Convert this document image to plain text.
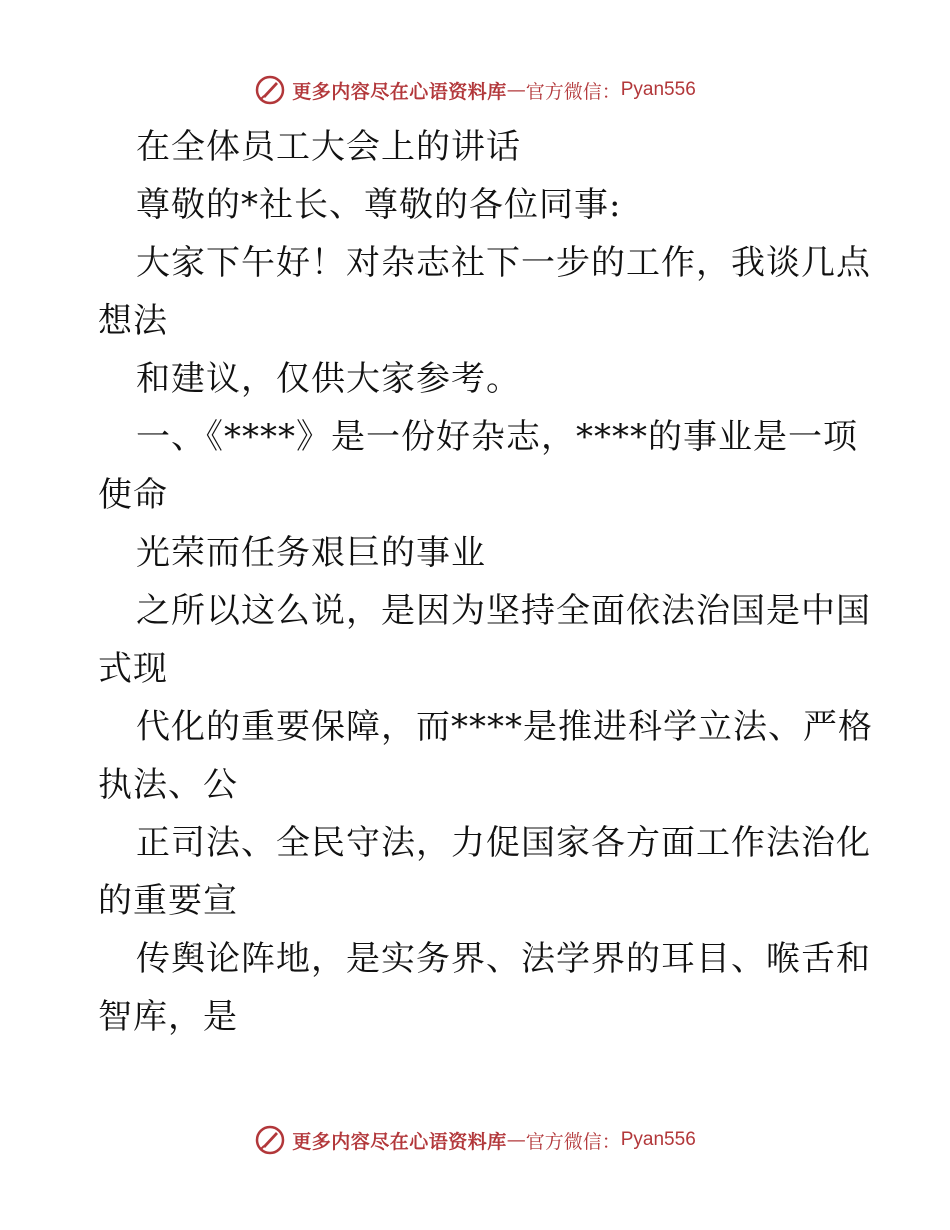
更多内容尽在心语资料库 — 官方微信： Pyan556
在全体员工大会上的讲话
尊敬的*社长、尊敬的各位同事:
大家下午好！对杂志社下一步的工作，我谈几点
想法
和建议，仅供大家参考。
一、《****》是一份好杂志，****的事业是一项
使命
光荣而任务艰巨的事业
之所以这么说，是因为坚持全面依法治国是中国
式现
代化的重要保障，而****是推进科学立法、严格
执法、公
正司法、全民守法，力促国家各方面工作法治化
的重要宣
传舆论阵地，是实务界、法学界的耳目、喉舌和
智库，是
更多内容尽在心语资料库 — 官方微信： Pyan556
